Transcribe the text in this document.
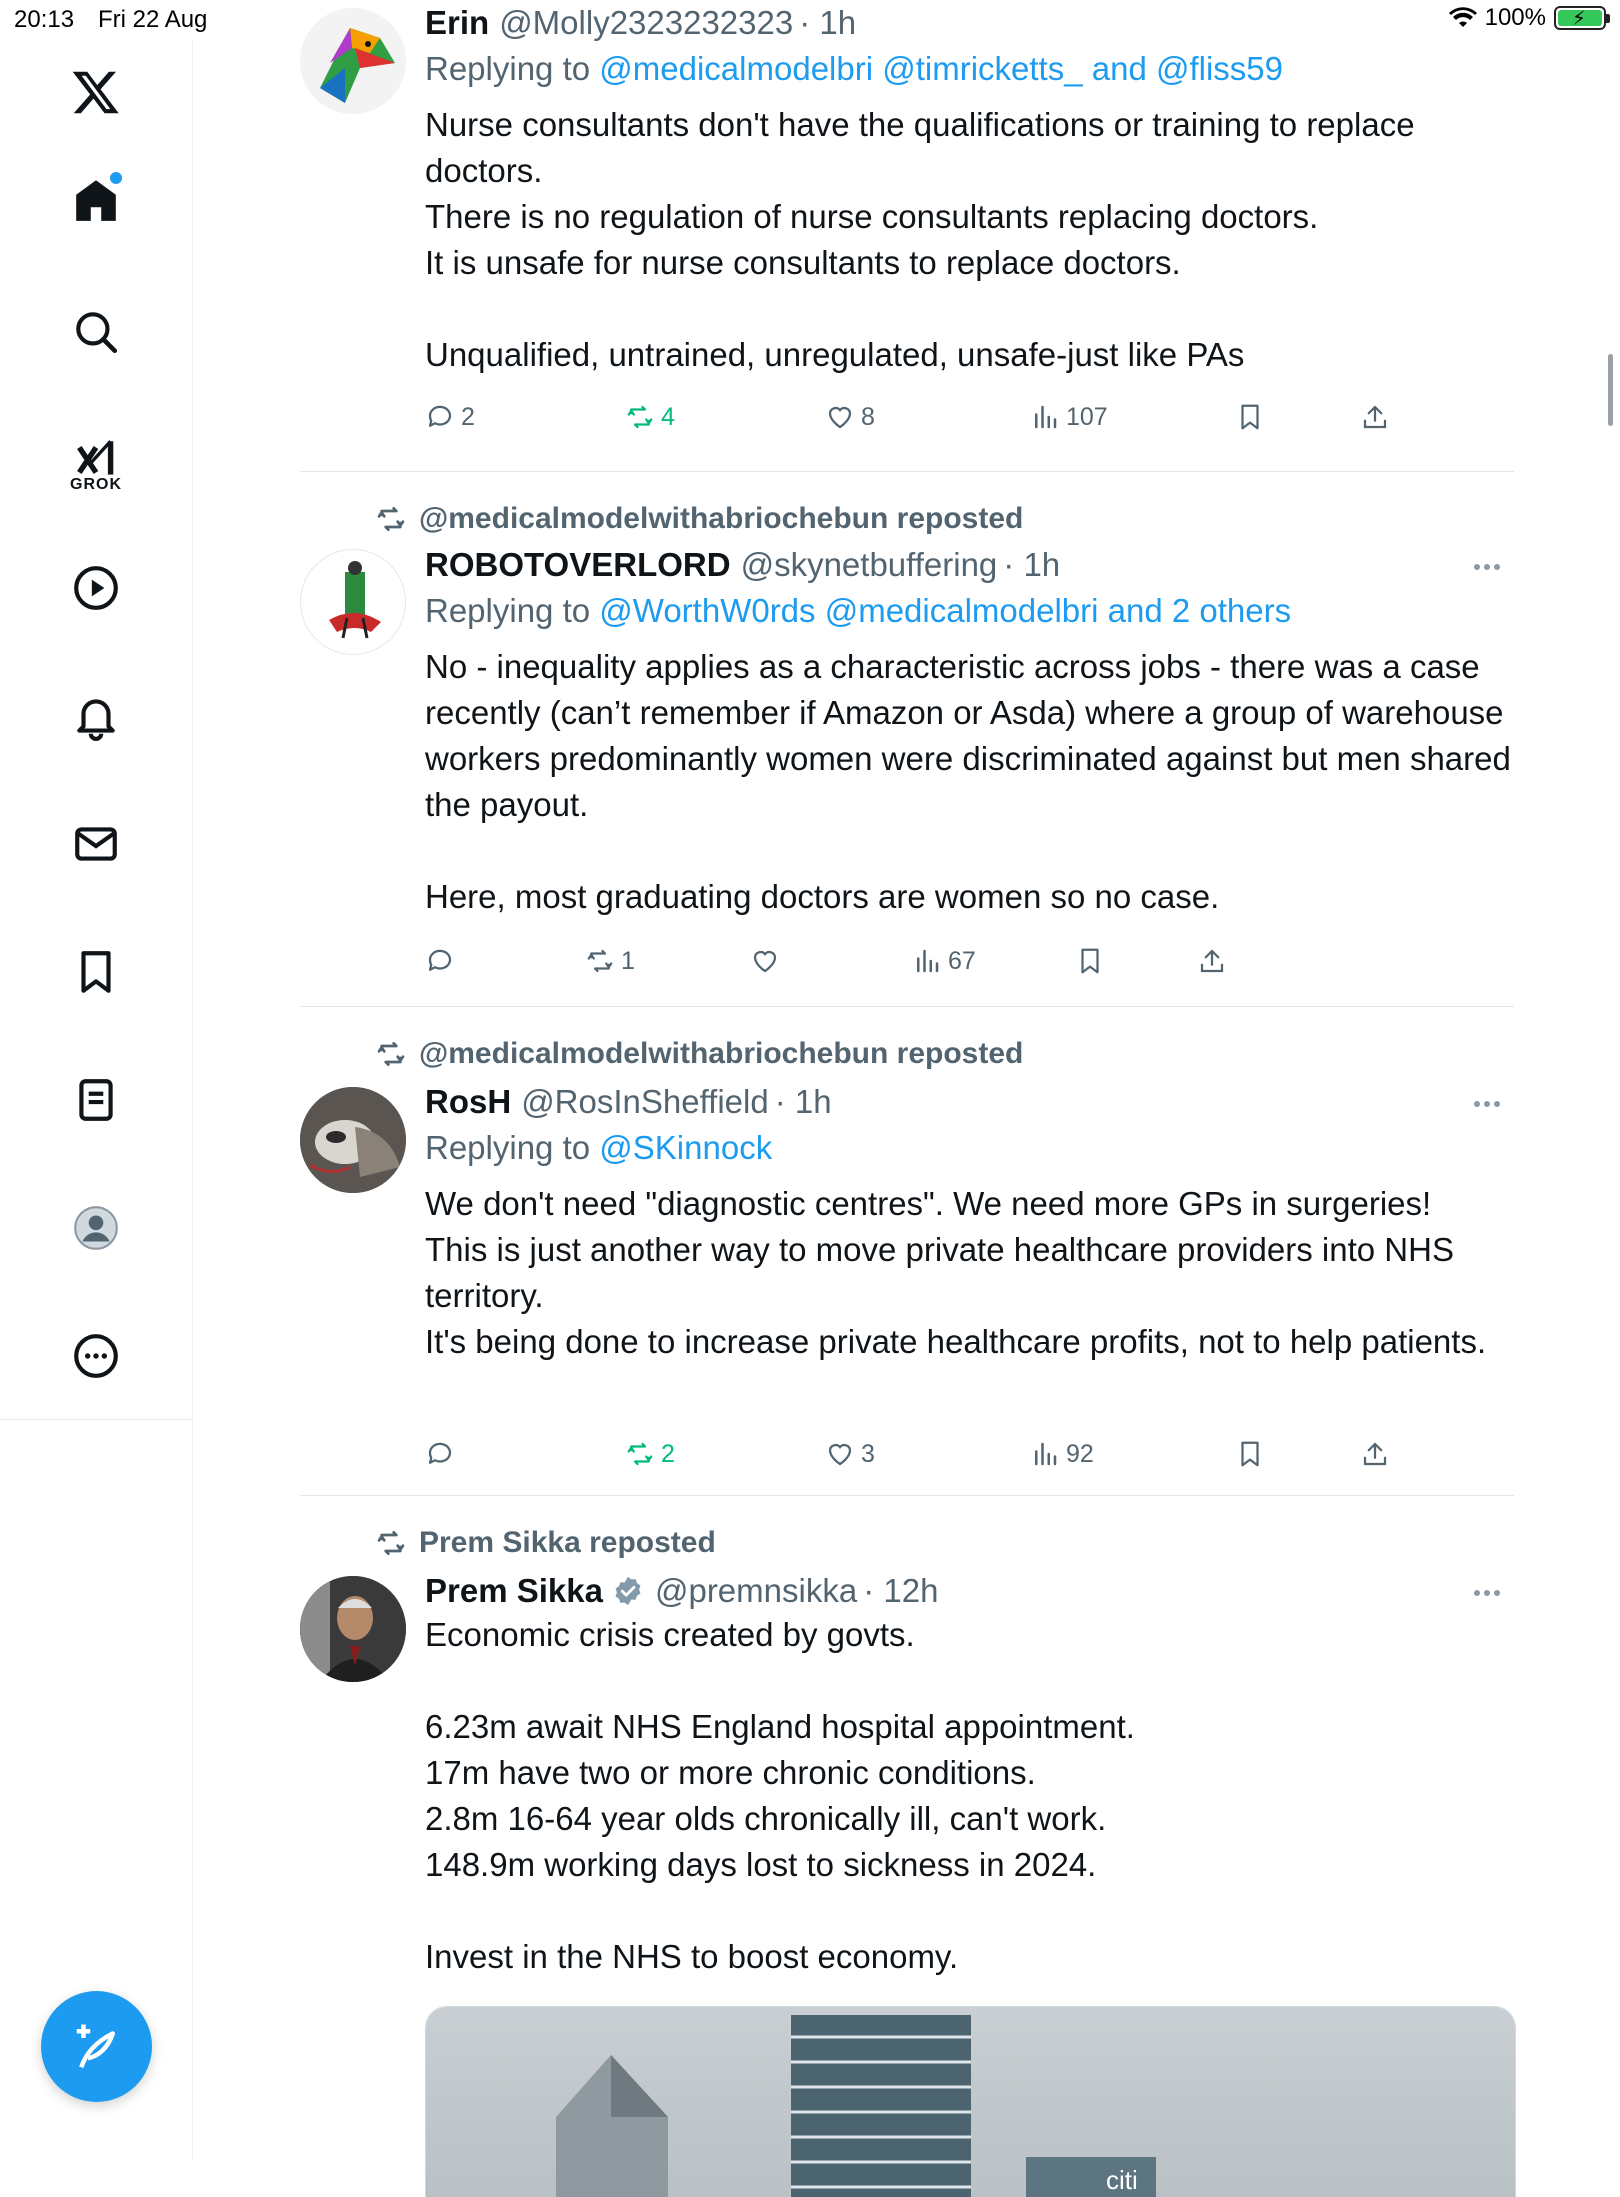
20:13 Fri 22 Aug	100% ⚡
GROK
Erin @Molly2323232323 · 1h
Replying to @medicalmodelbri @timricketts_ and @fliss59
Nurse consultants don't have the qualifications or training to replace doctors.
There is no regulation of nurse consultants replacing doctors.
It is unsafe for nurse consultants to replace doctors.

Unqualified, untrained, unregulated, unsafe-just like PAs
2	4	8	107
@medicalmodelwithabriochebun reposted
ROBOTOVERLORD @skynetbuffering · 1h
Replying to @WorthW0rds @medicalmodelbri and 2 others
No - inequality applies as a characteristic across jobs - there was a case recently (can’t remember if Amazon or Asda) where a group of warehouse workers predominantly women were discriminated against but men shared the payout.

Here, most graduating doctors are women so no case.
1	67
@medicalmodelwithabriochebun reposted
RosH @RosInSheffield · 1h
Replying to @SKinnock
We don't need "diagnostic centres". We need more GPs in surgeries!
This is just another way to move private healthcare providers into NHS territory.
It's being done to increase private healthcare profits, not to help patients.
2	3	92
Prem Sikka reposted
Prem Sikka @premnsikka · 12h
Economic crisis created by govts.

6.23m await NHS England hospital appointment.
17m have two or more chronic conditions.
2.8m 16-64 year olds chronically ill, can't work.
148.9m working days lost to sickness in 2024.

Invest in the NHS to boost economy.
citi
